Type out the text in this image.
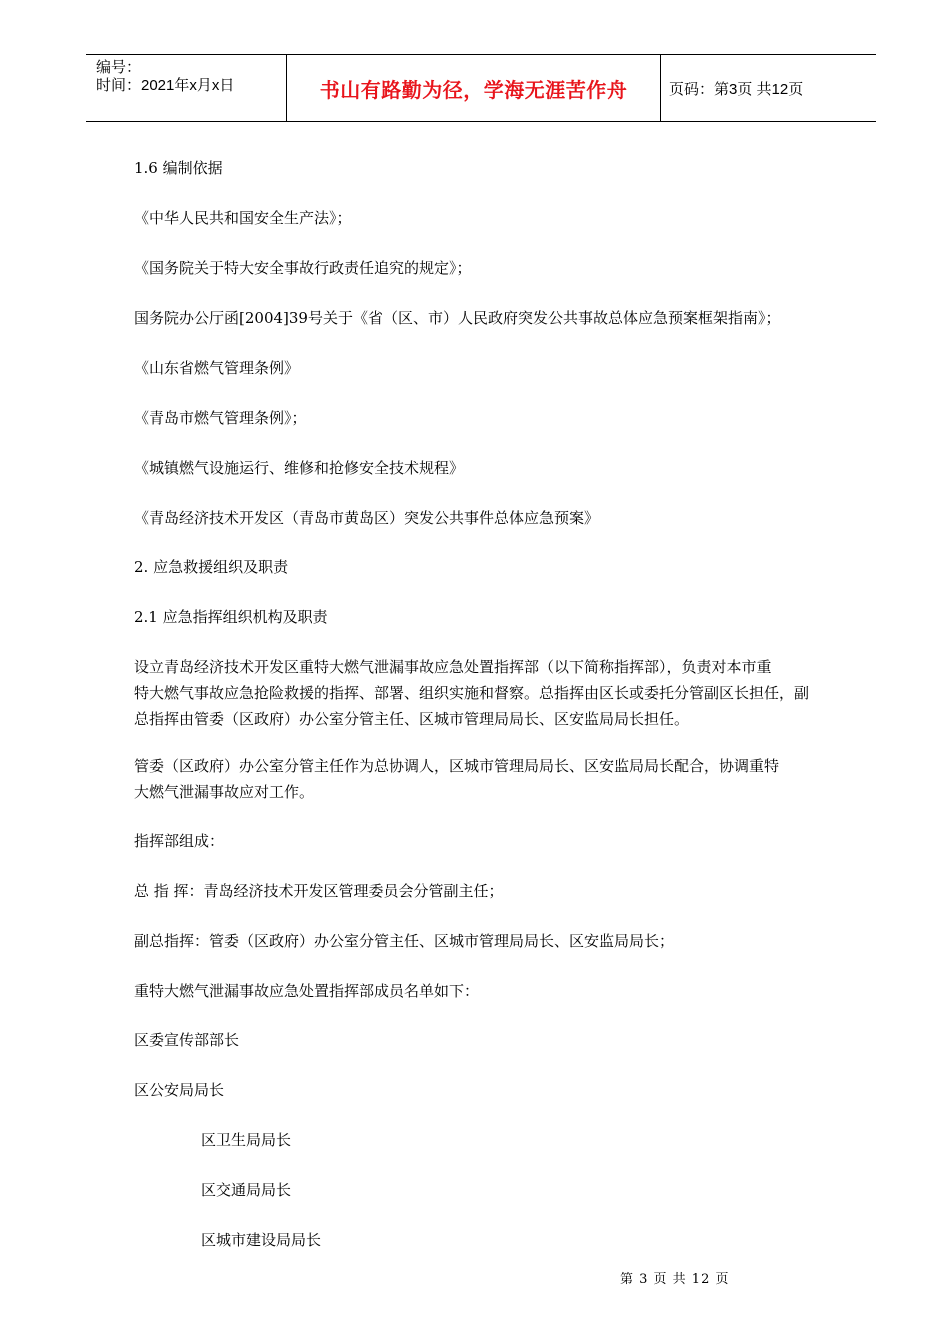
编号：
时间：2021年x月x日	书山有路勤为径，学海无涯苦作舟	页码：第3页 共12页
1.6 编制依据
《中华人民共和国安全生产法》；
《国务院关于特大安全事故行政责任追究的规定》；
国务院办公厅函[2004]39号关于《省（区、市）人民政府突发公共事故总体应急预案框架指南》；
《山东省燃气管理条例》
《青岛市燃气管理条例》；
《城镇燃气设施运行、维修和抢修安全技术规程》
《青岛经济技术开发区（青岛市黄岛区）突发公共事件总体应急预案》
2. 应急救援组织及职责
2.1 应急指挥组织机构及职责
设立青岛经济技术开发区重特大燃气泄漏事故应急处置指挥部（以下简称指挥部），负责对本市重
特大燃气事故应急抢险救援的指挥、部署、组织实施和督察。总指挥由区长或委托分管副区长担任，副
总指挥由管委（区政府）办公室分管主任、区城市管理局局长、区安监局局长担任。
管委（区政府）办公室分管主任作为总协调人，区城市管理局局长、区安监局局长配合，协调重特
大燃气泄漏事故应对工作。
指挥部组成：
总 指 挥：青岛经济技术开发区管理委员会分管副主任；
副总指挥：管委（区政府）办公室分管主任、区城市管理局局长、区安监局局长；
重特大燃气泄漏事故应急处置指挥部成员名单如下：
区委宣传部部长
区公安局局长
区卫生局局长
区交通局局长
区城市建设局局长
第 3 页 共 12 页
